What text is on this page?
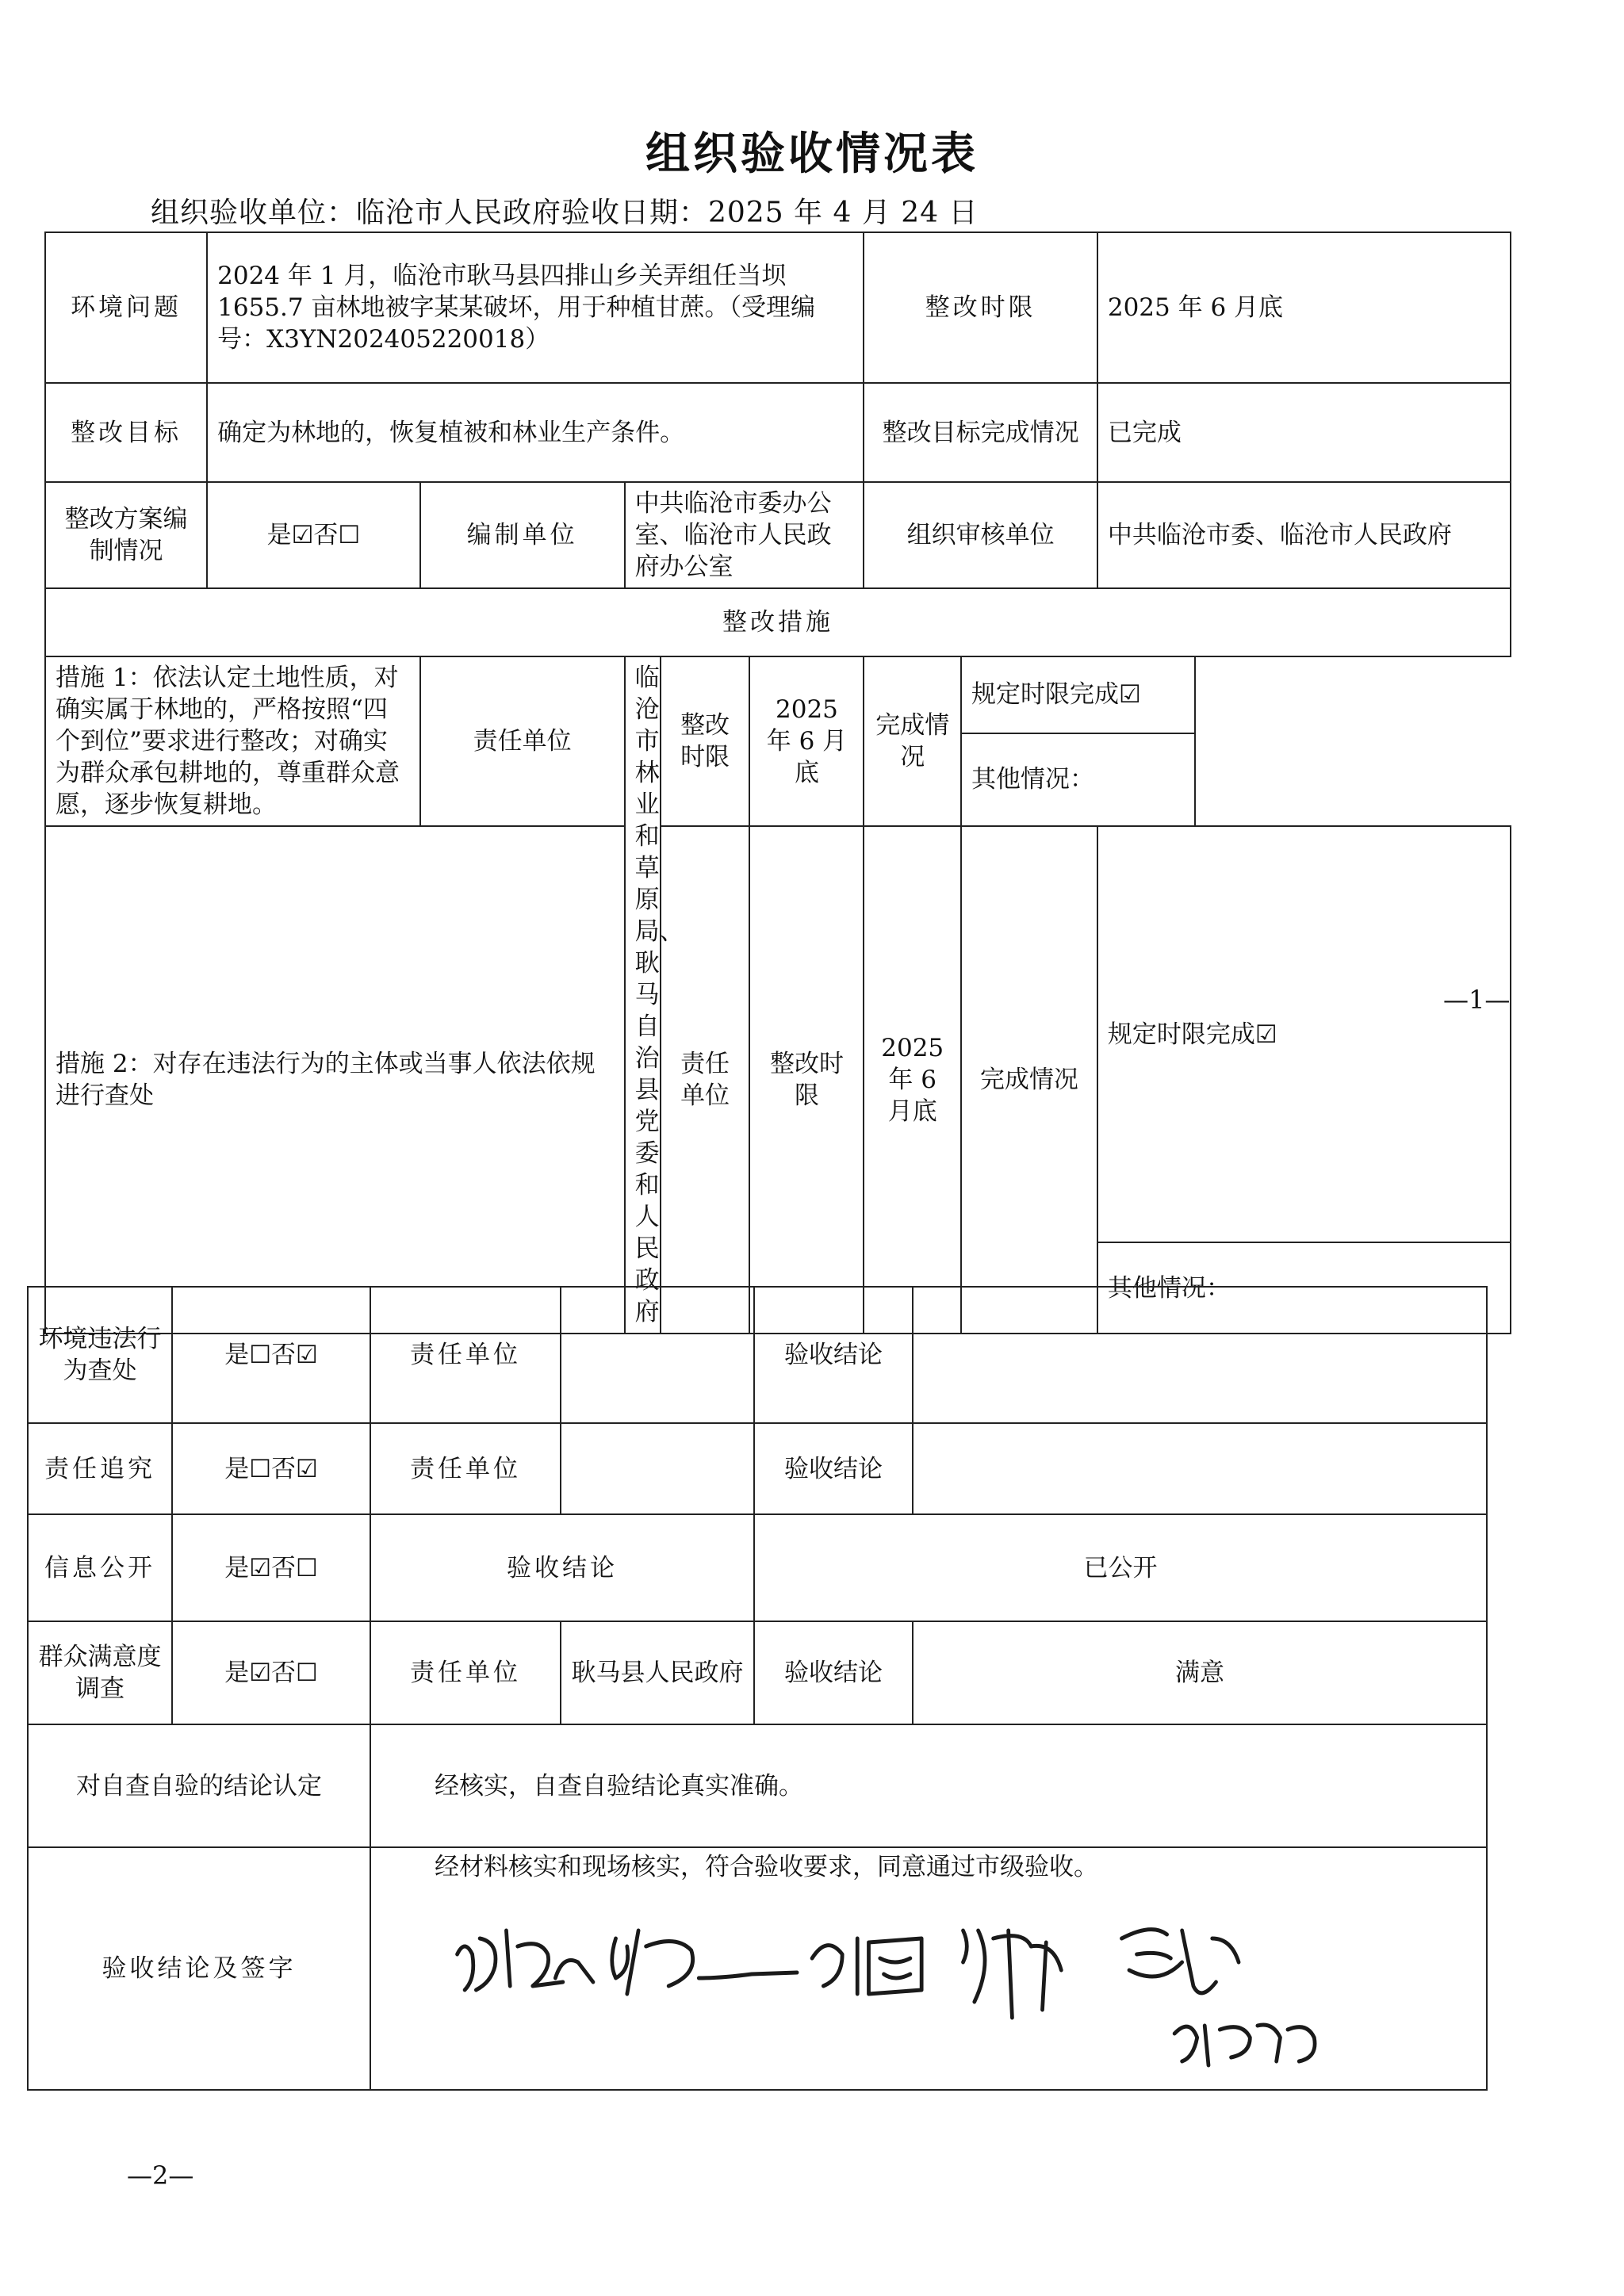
组织验收情况表
组织验收单位：临沧市人民政府验收日期：2025 年 4 月 24 日
环境问题	2024 年 1 月，临沧市耿马县四排山乡关弄组任当坝1655.7 亩林地被字某某破坏，用于种植甘蔗。（受理编号：X3YN202405220018）					整改时限		2025 年 6 月底
整改目标	确定为林地的，恢复植被和林业生产条件。					整改目标完成情况		已完成
整改方案编制情况	是☑否☐	编制单位	中共临沧市委办公室、临沧市人民政府办公室			组织审核单位		中共临沧市委、临沧市人民政府
整改措施								
措施 1：依法认定土地性质，对确实属于林地的，严格按照“四个到位”要求进行整改；对确实为群众承包耕地的，尊重群众意愿，逐步恢复耕地。		责任单位	临沧市林业和草原局、耿马自治县党委和人民政府	整改时限	2025 年 6 月底	完成情况	规定时限完成☑	
							其他情况：	
措施 2：对存在违法行为的主体或当事人依法依规进行查处				责任单位	整改时限	2025 年 6 月底	完成情况	规定时限完成☑
								其他情况：
—1—
环境违法行为查处	是☐否☑	责任单位		验收结论	
责任追究	是☐否☑	责任单位		验收结论	
信息公开	是☑否☐	验收结论		已公开	
群众满意度调查	是☑否☐	责任单位	耿马县人民政府	验收结论	满意
对自查自验的结论认定		经核实，自查自验结论真实准确。			
验收结论及签字		经材料核实和现场核实，符合验收要求，同意通过市级验收。			
—2—
